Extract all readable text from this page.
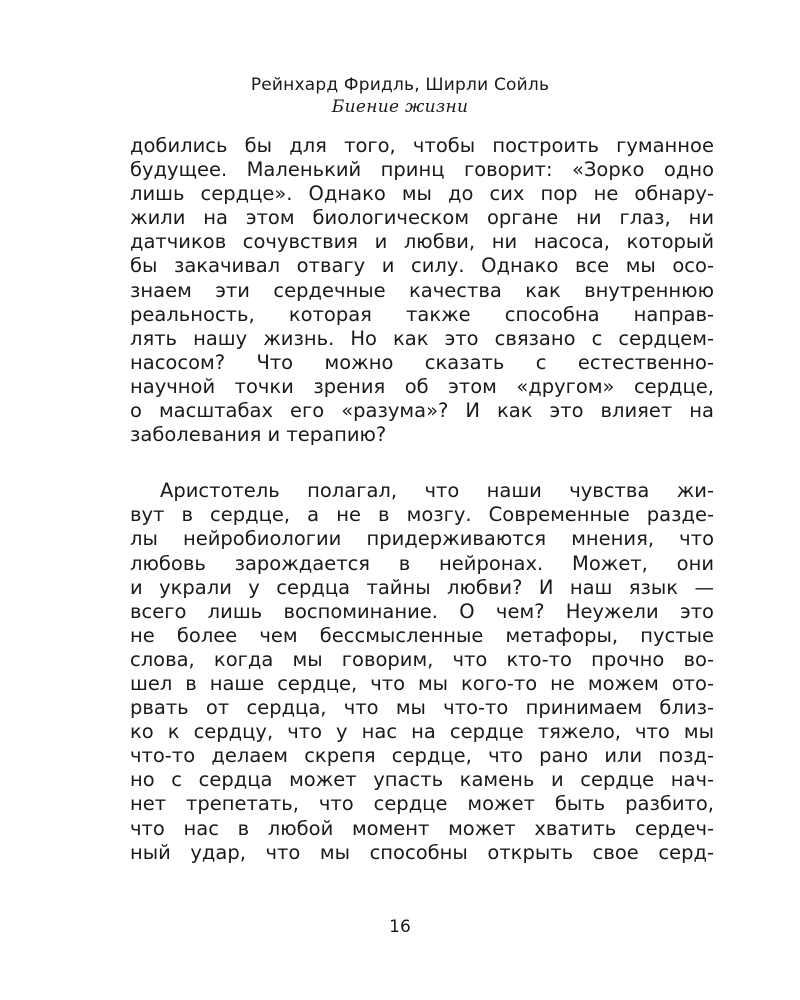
Рейнхард Фридль, Ширли Сойль
Биение жизни

добились бы для того, чтобы построить гуманное
будущее. Маленький принц говорит: «Зорко одно
лишь сердце». Однако мы до сих пор не обнару-
жили на этом биологическом органе ни глаз, ни
датчиков сочувствия и любви, ни насоса, который
бы закачивал отвагу и силу. Однако все мы осо-
знаем эти сердечные качества как внутреннюю
реальность, которая также способна направ-
лять нашу жизнь. Но как это связано с сердцем-
насосом? Что можно сказать с естественно-
научной точки зрения об этом «другом» сердце,
о масштабах его «разума»? И как это влияет на
заболевания и терапию?

Аристотель полагал, что наши чувства жи-
вут в сердце, а не в мозгу. Современные разде-
лы нейробиологии придерживаются мнения, что
любовь зарождается в нейронах. Может, они
и украли у сердца тайны любви? И наш язык —
всего лишь воспоминание. О чем? Неужели это
не более чем бессмысленные метафоры, пустые
слова, когда мы говорим, что кто-то прочно во-
шел в наше сердце, что мы кого-то не можем ото-
рвать от сердца, что мы что-то принимаем близ-
ко к сердцу, что у нас на сердце тяжело, что мы
что-то делаем скрепя сердце, что рано или позд-
но с сердца может упасть камень и сердце нач-
нет трепетать, что сердце может быть разбито,
что нас в любой момент может хватить сердеч-
ный удар, что мы способны открыть свое серд-

16
